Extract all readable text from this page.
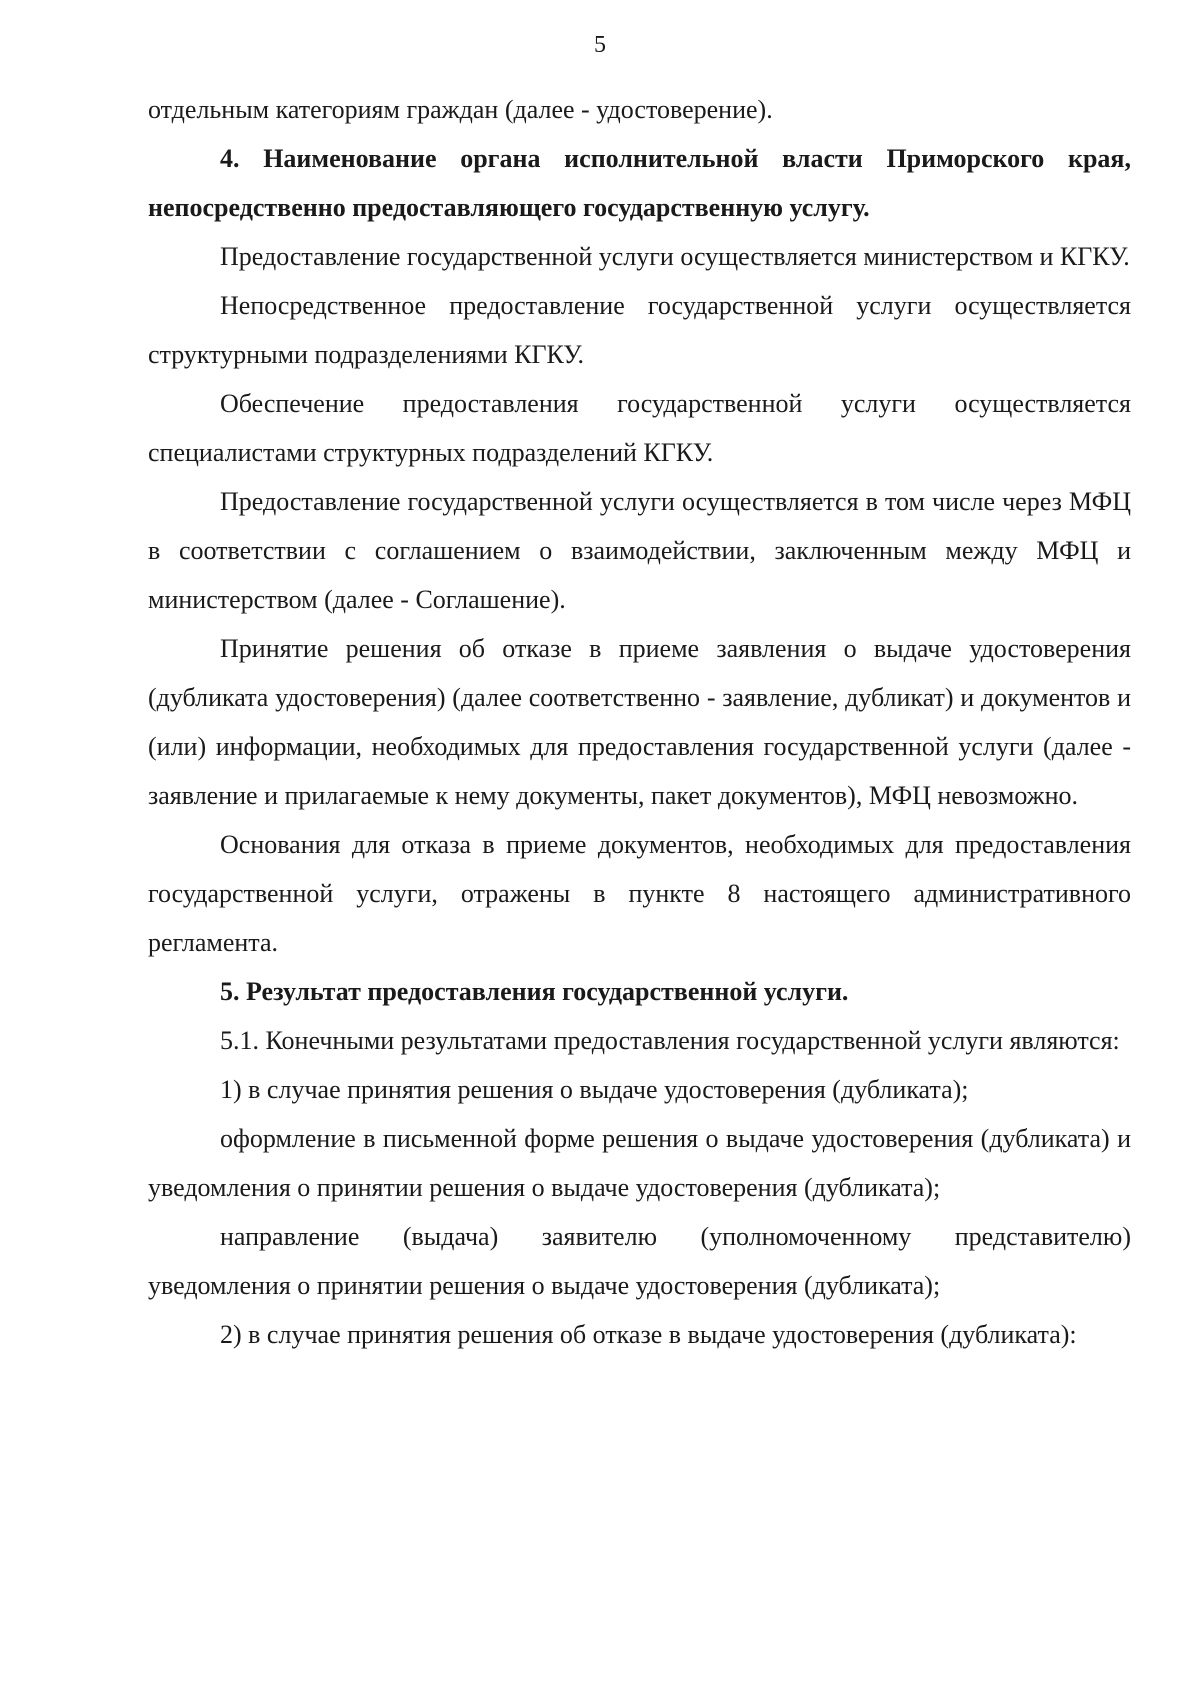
5

отдельным категориям граждан (далее - удостоверение).

4. Наименование органа исполнительной власти Приморского края, непосредственно предоставляющего государственную услугу.

Предоставление государственной услуги осуществляется министерством и КГКУ.

Непосредственное предоставление государственной услуги осуществляется структурными подразделениями КГКУ.

Обеспечение предоставления государственной услуги осуществляется специалистами структурных подразделений КГКУ.

Предоставление государственной услуги осуществляется в том числе через МФЦ в соответствии с соглашением о взаимодействии, заключенным между МФЦ и министерством (далее - Соглашение).

Принятие решения об отказе в приеме заявления о выдаче удостоверения (дубликата удостоверения) (далее соответственно - заявление, дубликат) и документов и (или) информации, необходимых для предоставления государственной услуги (далее - заявление и прилагаемые к нему документы, пакет документов), МФЦ невозможно.

Основания для отказа в приеме документов, необходимых для предоставления государственной услуги, отражены в пункте 8 настоящего административного регламента.

5. Результат предоставления государственной услуги.

5.1. Конечными результатами предоставления государственной услуги являются:

1) в случае принятия решения о выдаче удостоверения (дубликата);

оформление в письменной форме решения о выдаче удостоверения (дубликата) и уведомления о принятии решения о выдаче удостоверения (дубликата);

направление (выдача) заявителю (уполномоченному представителю) уведомления о принятии решения о выдаче удостоверения (дубликата);

2) в случае принятия решения об отказе в выдаче удостоверения (дубликата):
